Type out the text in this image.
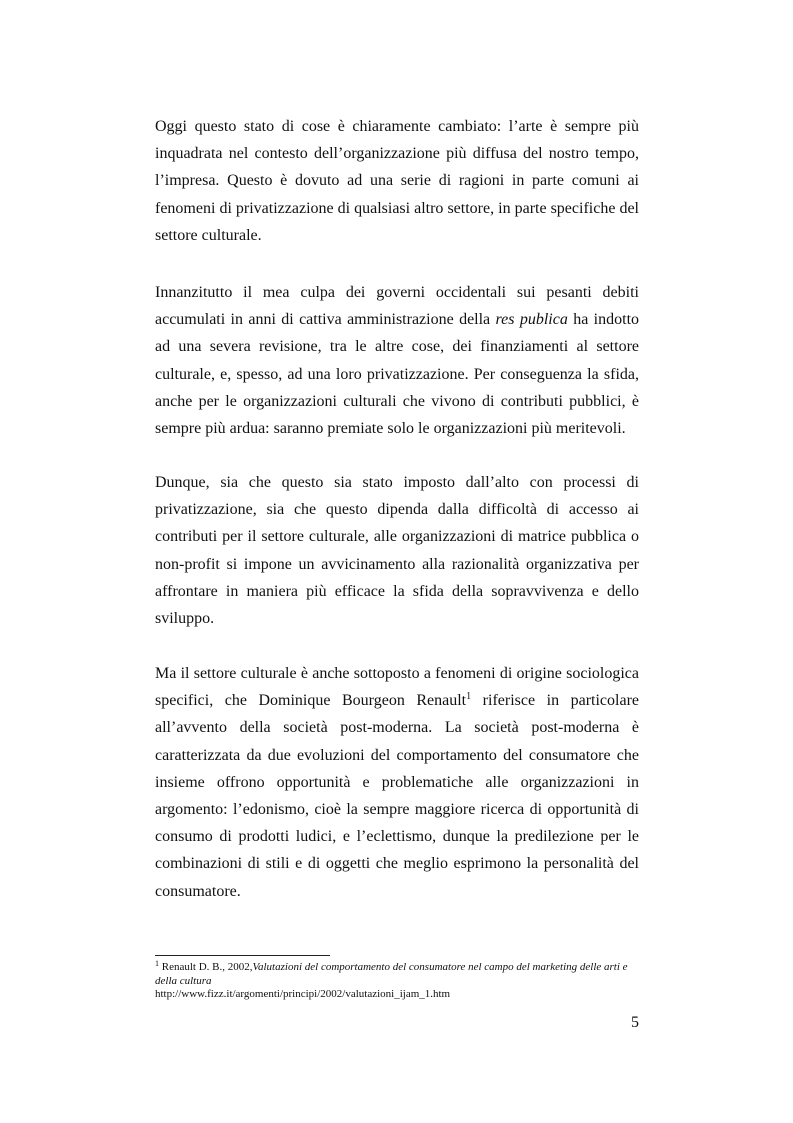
Oggi questo stato di cose è chiaramente cambiato: l’arte è sempre più inquadrata nel contesto dell’organizzazione più diffusa del nostro tempo, l’impresa. Questo è dovuto ad una serie di ragioni in parte comuni ai fenomeni di privatizzazione di qualsiasi altro settore, in parte specifiche del settore culturale.

Innanzitutto il mea culpa dei governi occidentali sui pesanti debiti accumulati in anni di cattiva amministrazione della res publica ha indotto ad una severa revisione, tra le altre cose, dei finanziamenti al settore culturale, e, spesso, ad una loro privatizzazione. Per conseguenza la sfida, anche per le organizzazioni culturali che vivono di contributi pubblici, è sempre più ardua: saranno premiate solo le organizzazioni più meritevoli.

Dunque, sia che questo sia stato imposto dall’alto con processi di privatizzazione, sia che questo dipenda dalla difficoltà di accesso ai contributi per il settore culturale, alle organizzazioni di matrice pubblica o non-profit si impone un avvicinamento alla razionalità organizzativa per affrontare in maniera più efficace la sfida della sopravvivenza e dello sviluppo.

Ma il settore culturale è anche sottoposto a fenomeni di origine sociologica specifici, che Dominique Bourgeon Renault$^1$ riferisce in particolare all’avvento della società post-moderna. La società post-moderna è caratterizzata da due evoluzioni del comportamento del consumatore che insieme offrono opportunità e problematiche alle organizzazioni in argomento: l’edonismo, cioè la sempre maggiore ricerca di opportunità di consumo di prodotti ludici, e l’eclettismo, dunque la predilezione per le combinazioni di stili e di oggetti che meglio esprimono la personalità del consumatore.

$^1$ Renault D. B., 2002,Valutazioni del comportamento del consumatore nel campo del marketing delle arti e della cultura
http://www.fizz.it/argomenti/principi/2002/valutazioni_ijam_1.htm
5
